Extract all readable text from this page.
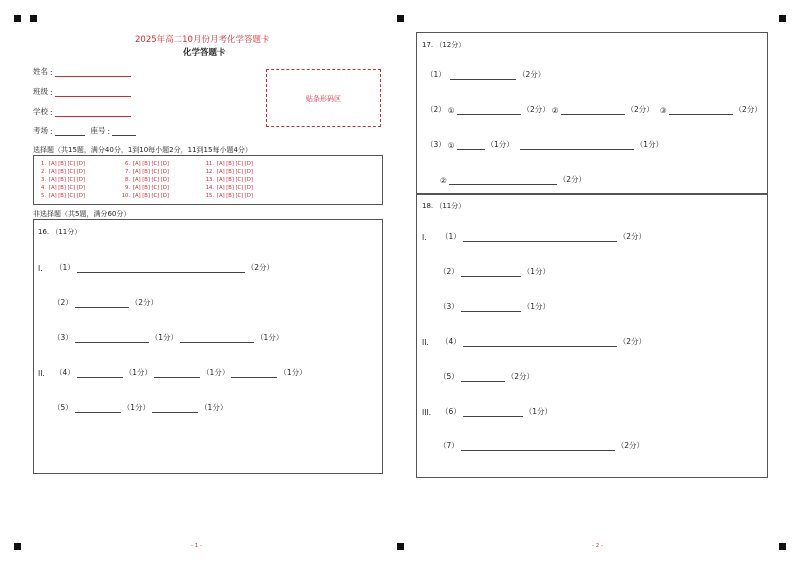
2025年高二10月份月考化学答题卡
化学答题卡
姓名 :
班级 :
学校 :
考场 :	座号 :
贴条形码区
选择题（共15题，满分40分，1到10每小题2分，11到15每小题4分）
1. [A] [B] [C] [D]
2. [A] [B] [C] [D]
3. [A] [B] [C] [D]
4. [A] [B] [C] [D]
5. [A] [B] [C] [D]
6. [A] [B] [C] [D]
7. [A] [B] [C] [D]
8. [A] [B] [C] [D]
9. [A] [B] [C] [D]
10. [A] [B] [C] [D]
11. [A] [B] [C] [D]
12. [A] [B] [C] [D]
13. [A] [B] [C] [D]
14. [A] [B] [C] [D]
15. [A] [B] [C] [D]
非选择题（共5题，满分60分）
16. （11分）
I.	（1）	（2分）
（2）	（2分）
（3）	（1分）	（1分）
II.	（4）	（1分）	（1分）	（1分）
（5）	（1分）	（1分）
17. （12分）
（1）	（2分）
（2） ①	（2分） ②	（2分） ③	（2分）
（3） ①	（1分）	（1分）
②	（2分）
18. （11分）
I.	（1）	（2分）
（2）	（1分）
（3）	（1分）
II.	（4）	（2分）
（5）	（2分）
III.	（6）	（1分）
（7）	（2分）
- 1 -	- 2 -
